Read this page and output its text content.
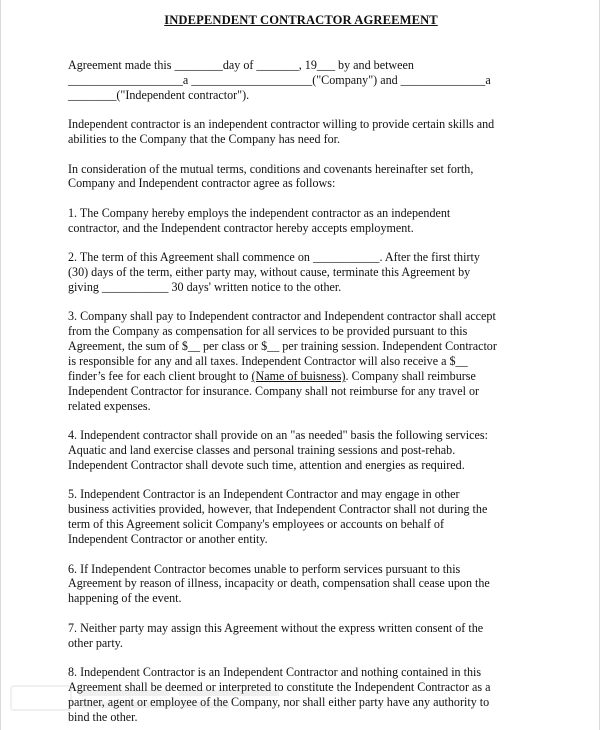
INDEPENDENT CONTRACTOR AGREEMENT
Agreement made this ________day of _______, 19___ by and between
___________________a ____________________("Company") and ______________a
________("Independent contractor").
Independent contractor is an independent contractor willing to provide certain skills and
abilities to the Company that the Company has need for.
In consideration of the mutual terms, conditions and covenants hereinafter set forth,
Company and Independent contractor agree as follows:
1. The Company hereby employs the independent contractor as an independent
contractor, and the Independent contractor hereby accepts employment.
2. The term of this Agreement shall commence on ___________. After the first thirty
(30) days of the term, either party may, without cause, terminate this Agreement by
giving ___________ 30 days' written notice to the other.
3. Company shall pay to Independent contractor and Independent contractor shall accept
from the Company as compensation for all services to be provided pursuant to this
Agreement, the sum of $__ per class or $__ per training session. Independent Contractor
is responsible for any and all taxes. Independent Contractor will also receive a $__
finder’s fee for each client brought to (Name of buisness). Company shall reimburse
Independent Contractor for insurance. Company shall not reimburse for any travel or
related expenses.
4. Independent contractor shall provide on an "as needed" basis the following services:
Aquatic and land exercise classes and personal training sessions and post-rehab.
Independent Contractor shall devote such time, attention and energies as required.
5. Independent Contractor is an Independent Contractor and may engage in other
business activities provided, however, that Independent Contractor shall not during the
term of this Agreement solicit Company's employees or accounts on behalf of
Independent Contractor or another entity.
6. If Independent Contractor becomes unable to perform services pursuant to this
Agreement by reason of illness, incapacity or death, compensation shall cease upon the
happening of the event.
7. Neither party may assign this Agreement without the express written consent of the
other party.
8. Independent Contractor is an Independent Contractor and nothing contained in this
Agreement shall be deemed or interpreted to constitute the Independent Contractor as a
partner, agent or employee of the Company, nor shall either party have any authority to
bind the other.
